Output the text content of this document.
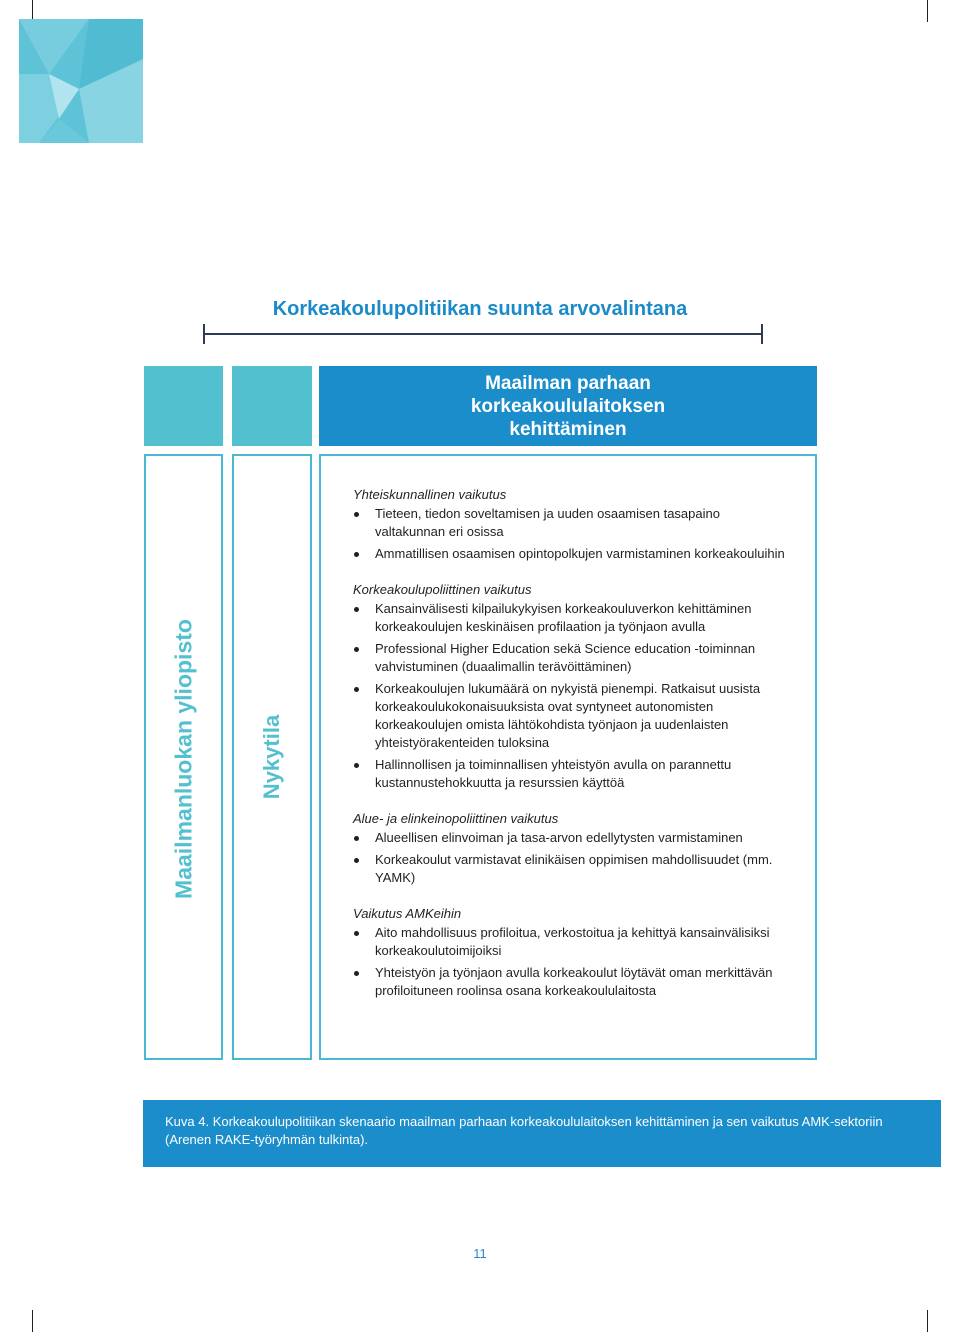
Korkeakoulupolitiikan suunta arvovalintana
Maailman parhaan korkeakoululaitoksen kehittäminen
Maailmanluokan yliopisto	Nykytila
Yhteiskunnallinen vaikutus
Tieteen, tiedon soveltamisen ja uuden osaamisen tasapaino valtakunnan eri osissa
Ammatillisen osaamisen opintopolkujen varmistaminen korkeakouluihin
Korkeakoulupoliittinen vaikutus
Kansainvälisesti kilpailukykyisen korkeakouluverkon kehittäminen korkeakoulujen keskinäisen profilaation ja työnjaon avulla
Professional Higher Education sekä Science education -toiminnan vahvistuminen (duaalimallin terävöittäminen)
Korkeakoulujen lukumäärä on nykyistä pienempi. Ratkaisut uusista korkeakoulukokonaisuuksista ovat syntyneet autonomisten korkeakoulujen omista lähtökohdista työnjaon ja uudenlaisten yhteistyörakenteiden tuloksina
Hallinnollisen ja toiminnallisen yhteistyön avulla on parannettu kustannustehokkuutta ja resurssien käyttöä
Alue- ja elinkeinopoliittinen vaikutus
Alueellisen elinvoiman ja tasa-arvon edellytysten varmistaminen
Korkeakoulut varmistavat elinikäisen oppimisen mahdollisuudet (mm. YAMK)
Vaikutus AMKeihin
Aito mahdollisuus profiloitua, verkostoitua ja kehittyä kansainvälisiksi korkeakoulutoimijoiksi
Yhteistyön ja työnjaon avulla korkeakoulut löytävät oman merkittävän profiloituneen roolinsa osana korkeakoululaitosta
Kuva 4. Korkeakoulupolitiikan skenaario maailman parhaan korkeakoululaitoksen kehittäminen ja sen vaikutus AMK-sektoriin (Arenen RAKE-työryhmän tulkinta).
11
